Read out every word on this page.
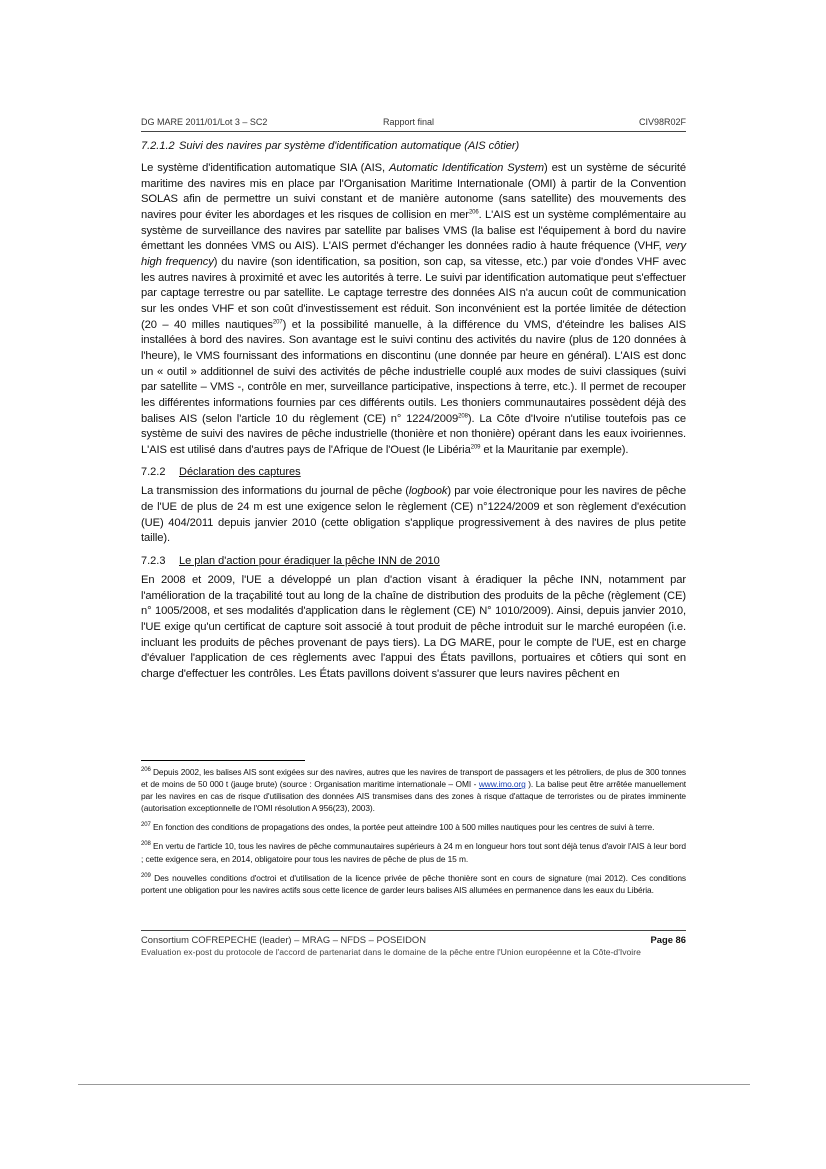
DG MARE 2011/01/Lot 3 – SC2	Rapport final	CIV98R02F
7.2.1.2 Suivi des navires par système d'identification automatique (AIS côtier)

Le système d'identification automatique SIA (AIS, Automatic Identification System) est un système de sécurité maritime des navires mis en place par l'Organisation Maritime Internationale (OMI) à partir de la Convention SOLAS afin de permettre un suivi constant et de manière autonome (sans satellite) des mouvements des navires pour éviter les abordages et les risques de collision en mer$^{206}$. L'AIS est un système complémentaire au système de surveillance des navires par satellite par balises VMS (la balise est l'équipement à bord du navire émettant les données VMS ou AIS). L'AIS permet d'échanger les données radio à haute fréquence (VHF, very high frequency) du navire (son identification, sa position, son cap, sa vitesse, etc.) par voie d'ondes VHF avec les autres navires à proximité et avec les autorités à terre. Le suivi par identification automatique peut s'effectuer par captage terrestre ou par satellite. Le captage terrestre des données AIS n'a aucun coût de communication sur les ondes VHF et son coût d'investissement est réduit. Son inconvénient est la portée limitée de détection (20 – 40 milles nautiques$^{207}$) et la possibilité manuelle, à la différence du VMS, d'éteindre les balises AIS installées à bord des navires. Son avantage est le suivi continu des activités du navire (plus de 120 données à l'heure), le VMS fournissant des informations en discontinu (une donnée par heure en général). L'AIS est donc un « outil » additionnel de suivi des activités de pêche industrielle couplé aux modes de suivi classiques (suivi par satellite – VMS -, contrôle en mer, surveillance participative, inspections à terre, etc.). Il permet de recouper les différentes informations fournies par ces différents outils. Les thoniers communautaires possèdent déjà des balises AIS (selon l'article 10 du règlement (CE) n° 1224/2009$^{208}$). La Côte d'Ivoire n'utilise toutefois pas ce système de suivi des navires de pêche industrielle (thonière et non thonière) opérant dans les eaux ivoiriennes. L'AIS est utilisé dans d'autres pays de l'Afrique de l'Ouest (le Libéria$^{209}$ et la Mauritanie par exemple).

7.2.2 Déclaration des captures

La transmission des informations du journal de pêche (logbook) par voie électronique pour les navires de pêche de l'UE de plus de 24 m est une exigence selon le règlement (CE) n°1224/2009 et son règlement d'exécution (UE) 404/2011 depuis janvier 2010 (cette obligation s'applique progressivement à des navires de plus petite taille).

7.2.3 Le plan d'action pour éradiquer la pêche INN de 2010

En 2008 et 2009, l'UE a développé un plan d'action visant à éradiquer la pêche INN, notamment par l'amélioration de la traçabilité tout au long de la chaîne de distribution des produits de la pêche (règlement (CE) n° 1005/2008, et ses modalités d'application dans le règlement (CE) N° 1010/2009). Ainsi, depuis janvier 2010, l'UE exige qu'un certificat de capture soit associé à tout produit de pêche introduit sur le marché européen (i.e. incluant les produits de pêches provenant de pays tiers). La DG MARE, pour le compte de l'UE, est en charge d'évaluer l'application de ces règlements avec l'appui des États pavillons, portuaires et côtiers qui sont en charge d'effectuer les contrôles. Les États pavillons doivent s'assurer que leurs navires pêchent en

$^{206}$ Depuis 2002, les balises AIS sont exigées sur des navires, autres que les navires de transport de passagers et les pétroliers, de plus de 300 tonnes et de moins de 50 000 t (jauge brute) (source : Organisation maritime internationale – OMI - www.imo.org ). La balise peut être arrêtée manuellement par les navires en cas de risque d'utilisation des données AIS transmises dans des zones à risque d'attaque de terroristes ou de pirates imminente (autorisation exceptionnelle de l'OMI résolution A 956(23), 2003).

$^{207}$ En fonction des conditions de propagations des ondes, la portée peut atteindre 100 à 500 milles nautiques pour les centres de suivi à terre.

$^{208}$ En vertu de l'article 10, tous les navires de pêche communautaires supérieurs à 24 m en longueur hors tout sont déjà tenus d'avoir l'AIS à leur bord ; cette exigence sera, en 2014, obligatoire pour tous les navires de pêche de plus de 15 m.

$^{209}$ Des nouvelles conditions d'octroi et d'utilisation de la licence privée de pêche thonière sont en cours de signature (mai 2012). Ces conditions portent une obligation pour les navires actifs sous cette licence de garder leurs balises AIS allumées en permanence dans les eaux du Libéria.

Consortium COFREPECHE (leader) – MRAG – NFDS – POSEIDON	Page 86
Evaluation ex-post du protocole de l'accord de partenariat dans le domaine de la pêche entre l'Union européenne et la Côte-d'Ivoire
